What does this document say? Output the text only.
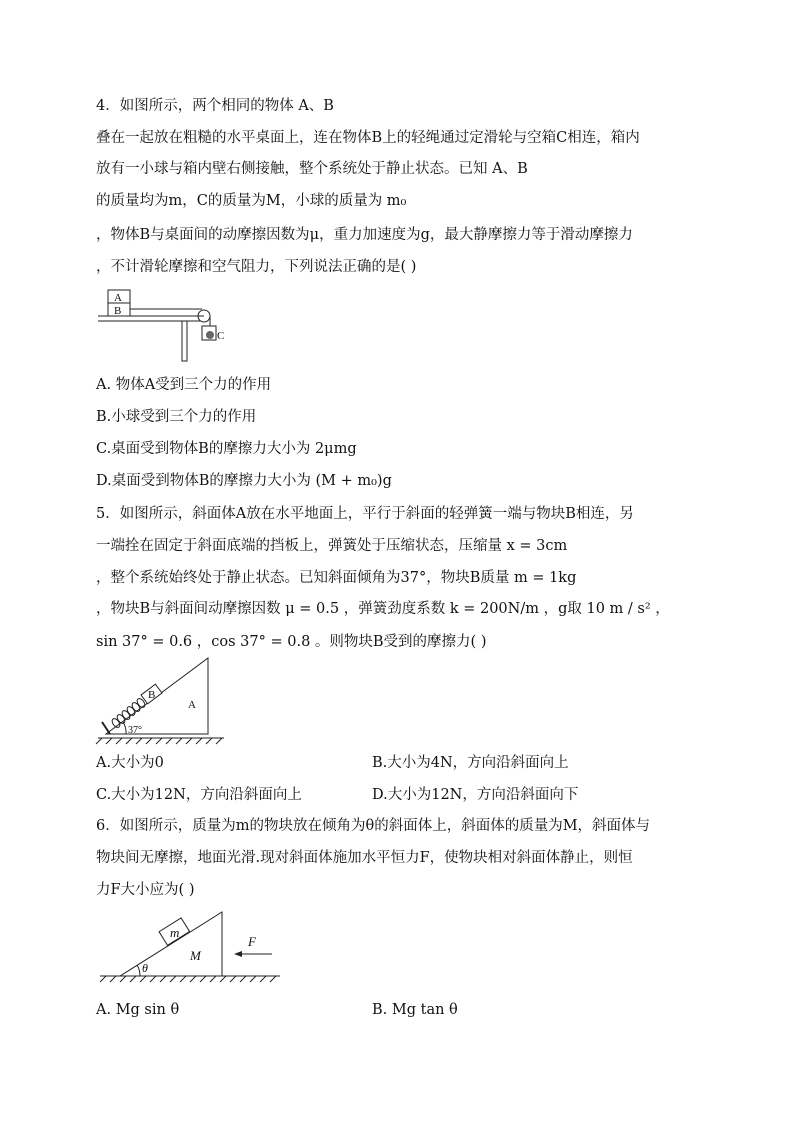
4．如图所示，两个相同的物体 A、B
叠在一起放在粗糙的水平桌面上，连在物体B上的轻绳通过定滑轮与空箱C相连，箱内
放有一小球与箱内壁右侧接触，整个系统处于静止状态。已知 A、B
的质量均为m，C的质量为M，小球的质量为 m₀
，物体B与桌面间的动摩擦因数为μ，重力加速度为g，最大静摩擦力等于滑动摩擦力
，不计滑轮摩擦和空气阻力，下列说法正确的是( )
A
B
C
A. 物体A受到三个力的作用
B.小球受到三个力的作用
C.桌面受到物体B的摩擦力大小为 2μmg
D.桌面受到物体B的摩擦力大小为 (M + m₀)g
5．如图所示，斜面体A放在水平地面上，平行于斜面的轻弹簧一端与物块B相连，另
一端拴在固定于斜面底端的挡板上，弹簧处于压缩状态，压缩量 x = 3cm
，整个系统始终处于静止状态。已知斜面倾角为37°，物块B质量 m = 1kg
，物块B与斜面间动摩擦因数 μ = 0.5 ，弹簧劲度系数 k = 200N/m ，g取 10 m / s² ，
sin 37° = 0.6 ，cos 37° = 0.8 。则物块B受到的摩擦力( )
B
A
37°
A.大小为0	B.大小为4N，方向沿斜面向上
C.大小为12N，方向沿斜面向上	D.大小为12N，方向沿斜面向下
6．如图所示，质量为m的物块放在倾角为θ的斜面体上，斜面体的质量为M，斜面体与
物块间无摩擦，地面光滑.现对斜面体施加水平恒力F，使物块相对斜面体静止，则恒
力F大小应为( )
m
M
θ
F
A. Mg sin θ	B. Mg tan θ
